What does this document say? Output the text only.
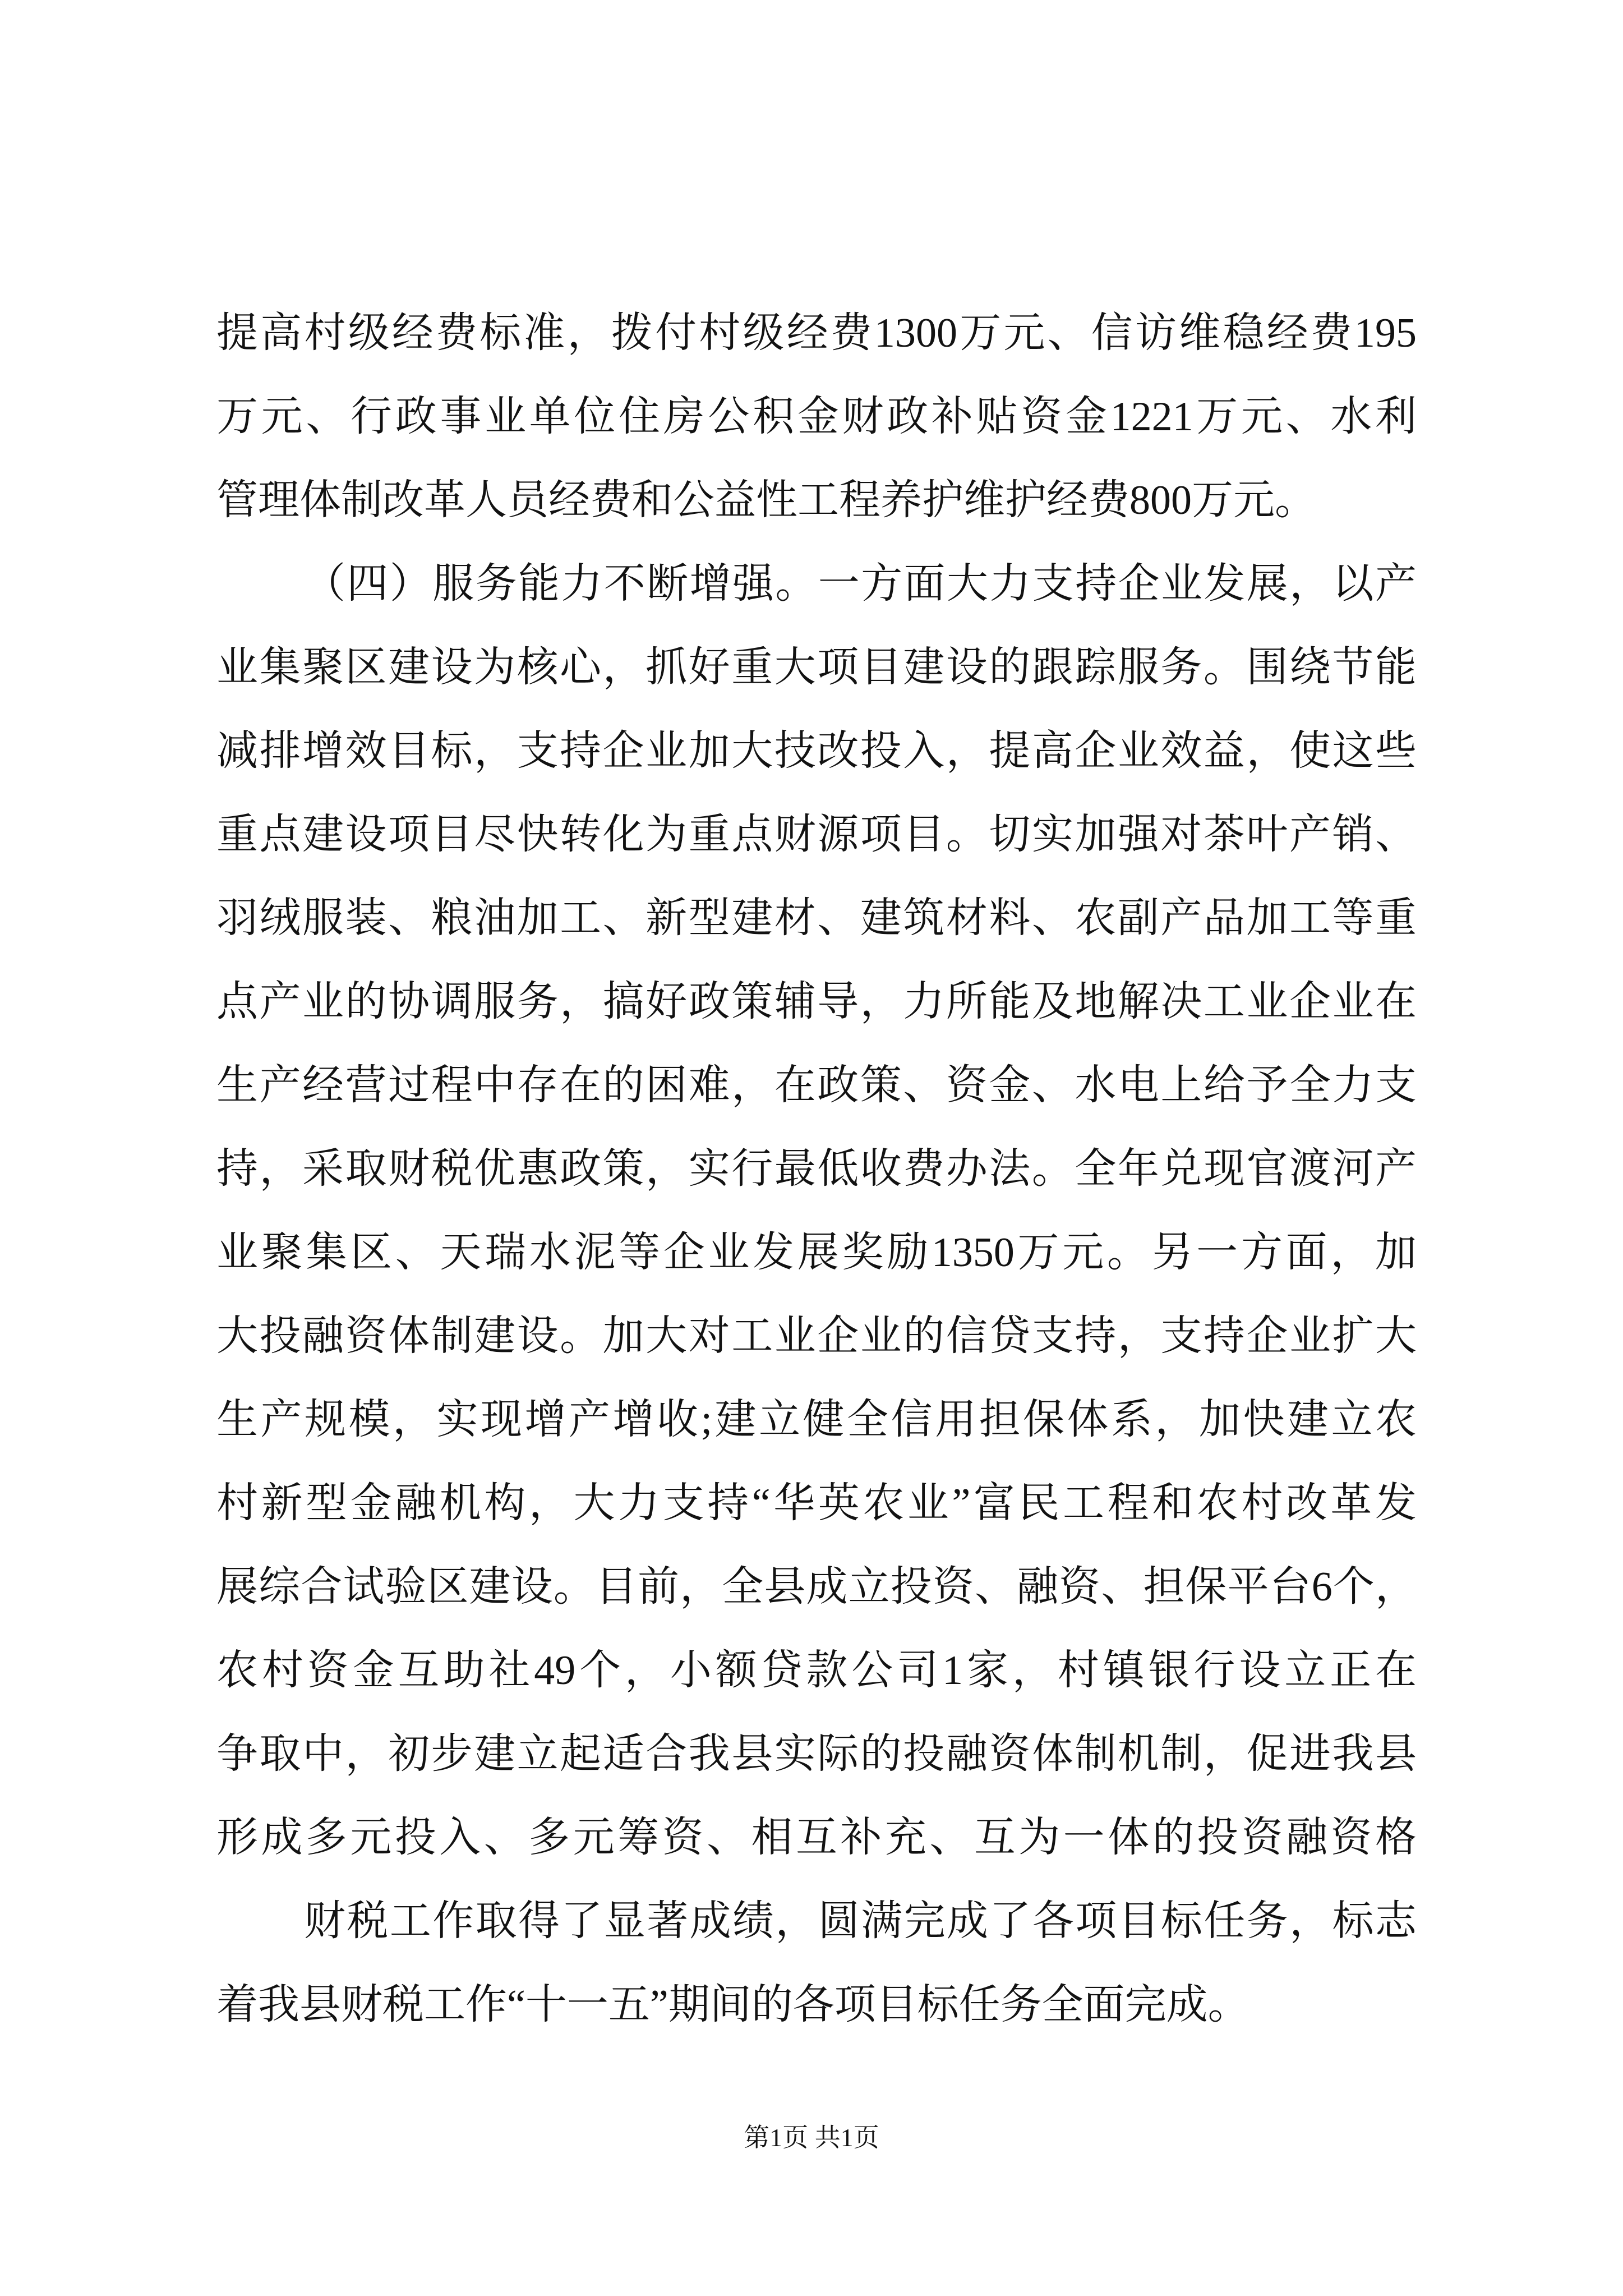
提高村级经费标准，拨付村级经费1300万元、信访维稳经费195
万元、行政事业单位住房公积金财政补贴资金1221万元、水利
管理体制改革人员经费和公益性工程养护维护经费800万元。
（四）服务能力不断增强。一方面大力支持企业发展，以产
业集聚区建设为核心，抓好重大项目建设的跟踪服务。围绕节能
减排增效目标，支持企业加大技改投入，提高企业效益，使这些
重点建设项目尽快转化为重点财源项目。切实加强对茶叶产销、
羽绒服装、粮油加工、新型建材、建筑材料、农副产品加工等重
点产业的协调服务，搞好政策辅导，力所能及地解决工业企业在
生产经营过程中存在的困难，在政策、资金、水电上给予全力支
持，采取财税优惠政策，实行最低收费办法。全年兑现官渡河产
业聚集区、天瑞水泥等企业发展奖励1350万元。另一方面，加
大投融资体制建设。加大对工业企业的信贷支持，支持企业扩大
生产规模，实现增产增收;建立健全信用担保体系，加快建立农
村新型金融机构，大力支持“华英农业”富民工程和农村改革发
展综合试验区建设。目前，全县成立投资、融资、担保平台6个，
农村资金互助社49个，小额贷款公司1家，村镇银行设立正在
争取中，初步建立起适合我县实际的投融资体制机制，促进我县
形成多元投入、多元筹资、相互补充、互为一体的投资融资格
财税工作取得了显著成绩，圆满完成了各项目标任务，标志
着我县财税工作“十一五”期间的各项目标任务全面完成。
第1页 共1页
